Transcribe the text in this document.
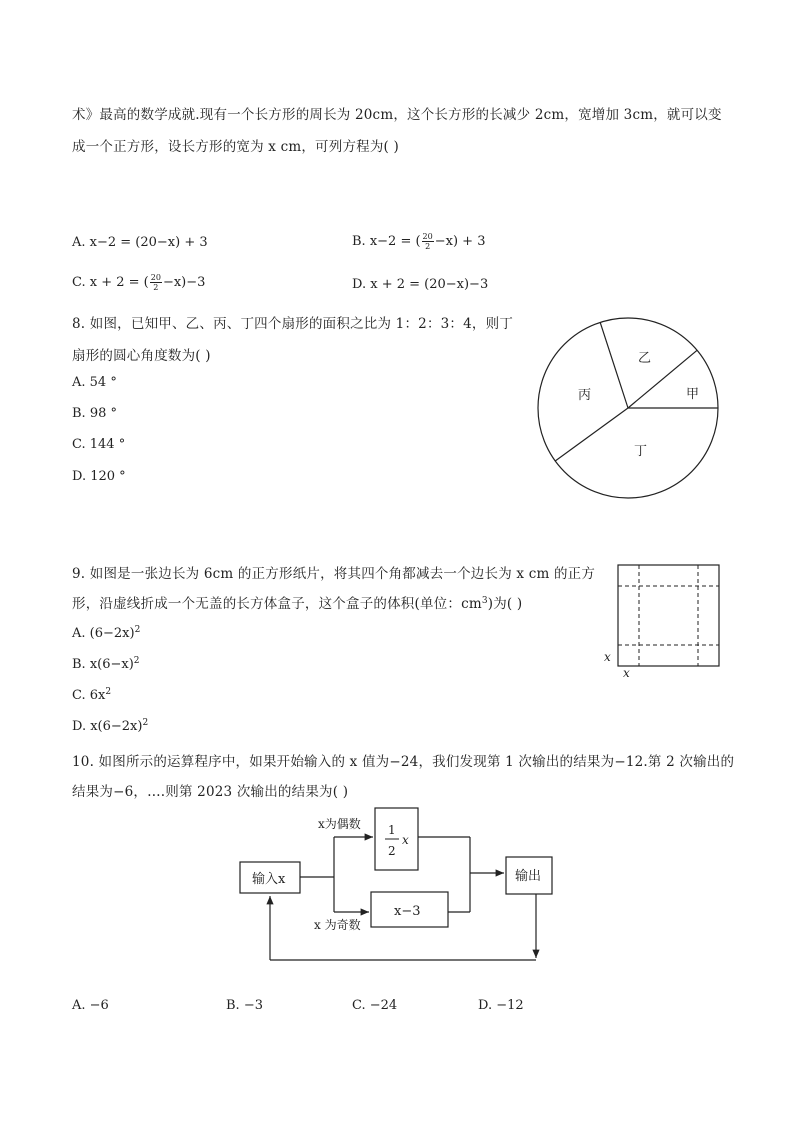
术》最高的数学成就.现有一个长方形的周长为 20cm，这个长方形的长减少 2cm，宽增加 3cm，就可以变
成一个正方形，设长方形的宽为 x cm，可列方程为( )
A. x−2 = (20−x) + 3	B. x−2 = ( $\frac{20}{2} -x) + 3$
C. x + 2 = ( $\frac{20}{2} -x)-3$	D. x + 2 = (20−x)−3
8. 如图，已知甲、乙、丙、丁四个扇形的面积之比为 1：2：3：4，则丁
扇形的圆心角度数为( )
A. 54 °
B. 98 °
C. 144 °
D. 120 °
甲
乙
丙
丁
9. 如图是一张边长为 6cm 的正方形纸片，将其四个角都减去一个边长为 x cm 的正方
形，沿虚线折成一个无盖的长方体盒子，这个盒子的体积(单位：$cm^3$)为( )
A. $(6-2x)^2$
B. $x(6-x)^2$
C. $6x^2$
D. $x(6-2x)^2$
x
x
10. 如图所示的运算程序中，如果开始输入的 x 值为−24，我们发现第 1 次输出的结果为−12.第 2 次输出的
结果为−6，….则第 2023 次输出的结果为( )
输入x
x为偶数
x 为奇数
1
2
x
x−3
输出
A. −6	B. −3	C. −24	D. −12
